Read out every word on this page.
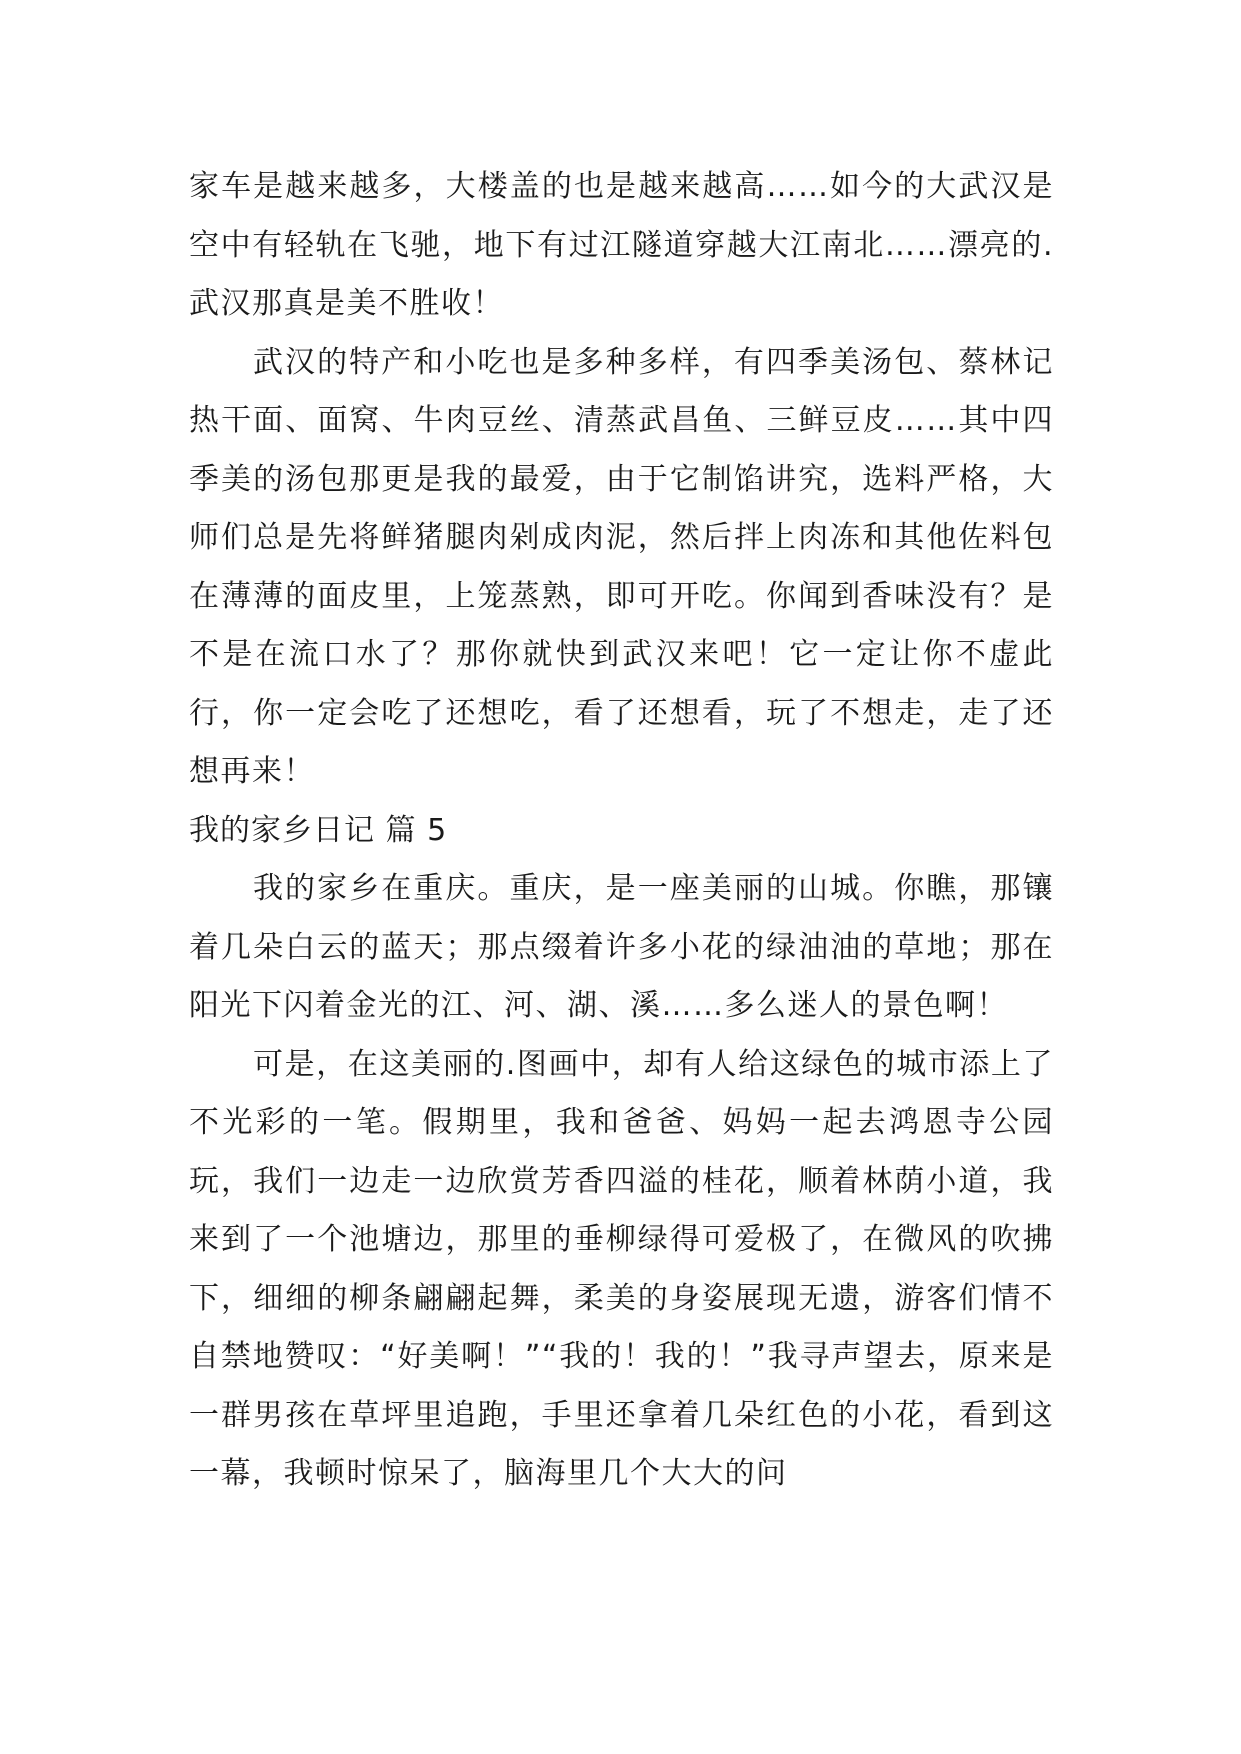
家车是越来越多，大楼盖的也是越来越高……如今的大武汉是空中有轻轨在飞驰，地下有过江隧道穿越大江南北……漂亮的.武汉那真是美不胜收！

武汉的特产和小吃也是多种多样，有四季美汤包、蔡林记热干面、面窝、牛肉豆丝、清蒸武昌鱼、三鲜豆皮……其中四季美的汤包那更是我的最爱，由于它制馅讲究，选料严格，大师们总是先将鲜猪腿肉剁成肉泥，然后拌上肉冻和其他佐料包在薄薄的面皮里，上笼蒸熟，即可开吃。你闻到香味没有？是不是在流口水了？那你就快到武汉来吧！它一定让你不虚此行，你一定会吃了还想吃，看了还想看，玩了不想走，走了还想再来！

我的家乡日记 篇 5

我的家乡在重庆。重庆，是一座美丽的山城。你瞧，那镶着几朵白云的蓝天；那点缀着许多小花的绿油油的草地；那在阳光下闪着金光的江、河、湖、溪……多么迷人的景色啊！

可是，在这美丽的.图画中，却有人给这绿色的城市添上了不光彩的一笔。假期里，我和爸爸、妈妈一起去鸿恩寺公园玩，我们一边走一边欣赏芳香四溢的桂花，顺着林荫小道，我来到了一个池塘边，那里的垂柳绿得可爱极了，在微风的吹拂下，细细的柳条翩翩起舞，柔美的身姿展现无遗，游客们情不自禁地赞叹：“好美啊！”“我的！我的！”我寻声望去，原来是一群男孩在草坪里追跑，手里还拿着几朵红色的小花，看到这一幕，我顿时惊呆了，脑海里几个大大的问
